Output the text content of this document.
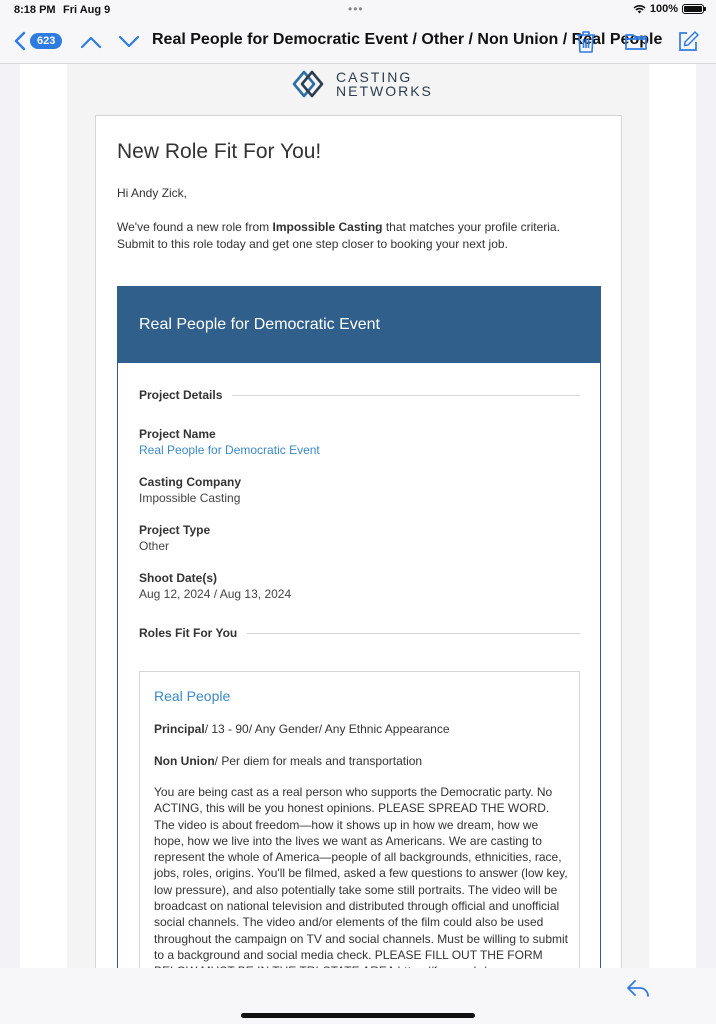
8:18 PM Fri Aug 9	•••	100%
623	Real People for Democratic Event / Other / Non Union / Real People
CASTING
NETWORKS
New Role Fit For You!
Hi Andy Zick,
We've found a new role from Impossible Casting that matches your profile criteria. Submit to this role today and get one step closer to booking your next job.
Real People for Democratic Event
Project Details
Project Name
Real People for Democratic Event
Casting Company
Impossible Casting
Project Type
Other
Shoot Date(s)
Aug 12, 2024 / Aug 13, 2024
Roles Fit For You
Real People
Principal/ 13 - 90/ Any Gender/ Any Ethnic Appearance
Non Union/ Per diem for meals and transportation
You are being cast as a real person who supports the Democratic party. No ACTING, this will be you honest opinions. PLEASE SPREAD THE WORD. The video is about freedom—how it shows up in how we dream, how we hope, how we live into the lives we want as Americans. We are casting to represent the whole of America—people of all backgrounds, ethnicities, race, jobs, roles, origins. You'll be filmed, asked a few questions to answer (low key, low pressure), and also potentially take some still portraits. The video will be broadcast on national television and distributed through official and unofficial social channels. The video and/or elements of the film could also be used throughout the campaign on TV and social channels. Must be willing to submit to a background and social media check. PLEASE FILL OUT THE FORM
